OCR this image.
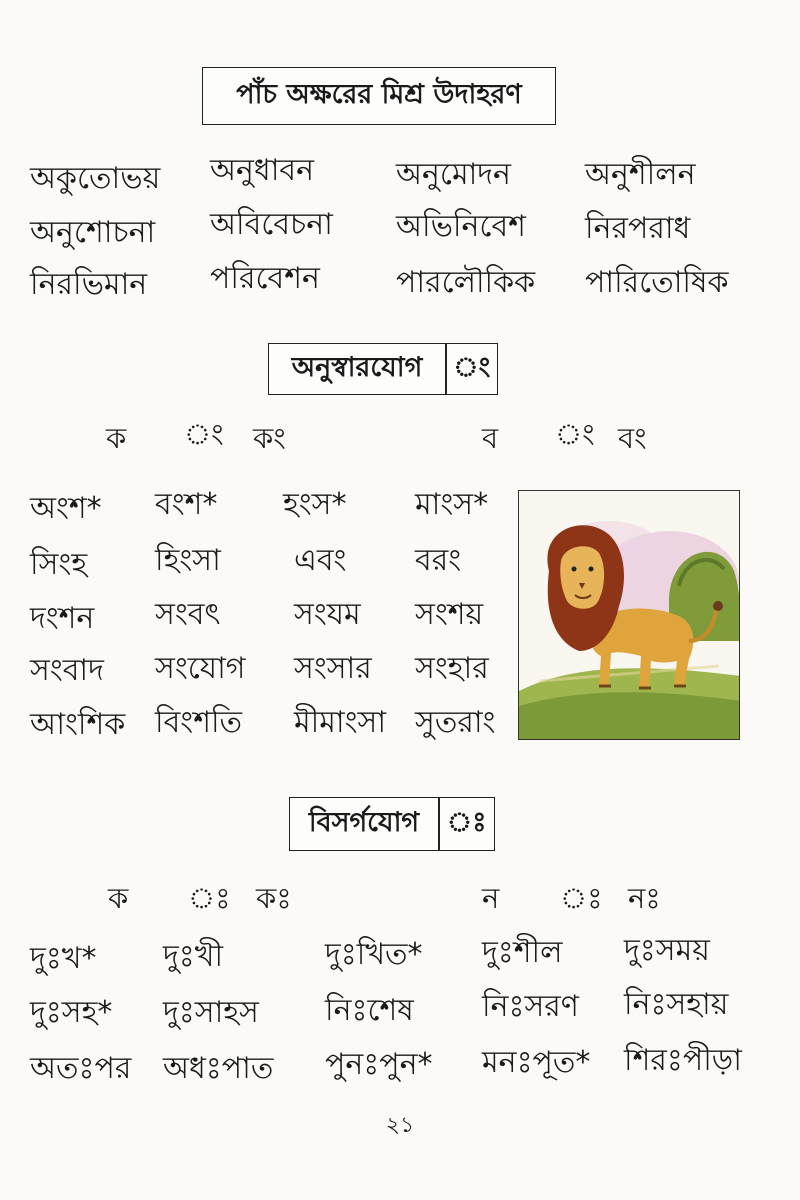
পাঁচ অক্ষরের মিশ্র উদাহরণ
অকুতোভয় অনুধাবন	অনুমোদন অনুশীলন
অনুশোচনা অবিবেচনা অভিনিবেশ নিরপরাধ
নিরভিমান পরিবেশন	পারলৌকিক পারিতোষিক
অনুস্বারযোগ ং
ক ং কং	ব ং বং
অংশ* বংশ* হংস* মাংস*
সিংহ হিংসা এবং বরং
দংশন সংবৎ সংযম সংশয়
সংবাদ সংযোগ সংসার সংহার
আংশিক বিংশতি মীমাংসা সুতরাং
বিসর্গযোগ ঃ
ক ঃ কঃ	ন ঃ নঃ
দুঃখ* দুঃখী	দুঃখিত* দুঃশীল দুঃসময়
দুঃসহ* দুঃসাহস নিঃশেষ নিঃসরণ নিঃসহায়
অতঃপর অধঃপাত পুনঃপুন* মনঃপূত* শিরঃপীড়া
২১
